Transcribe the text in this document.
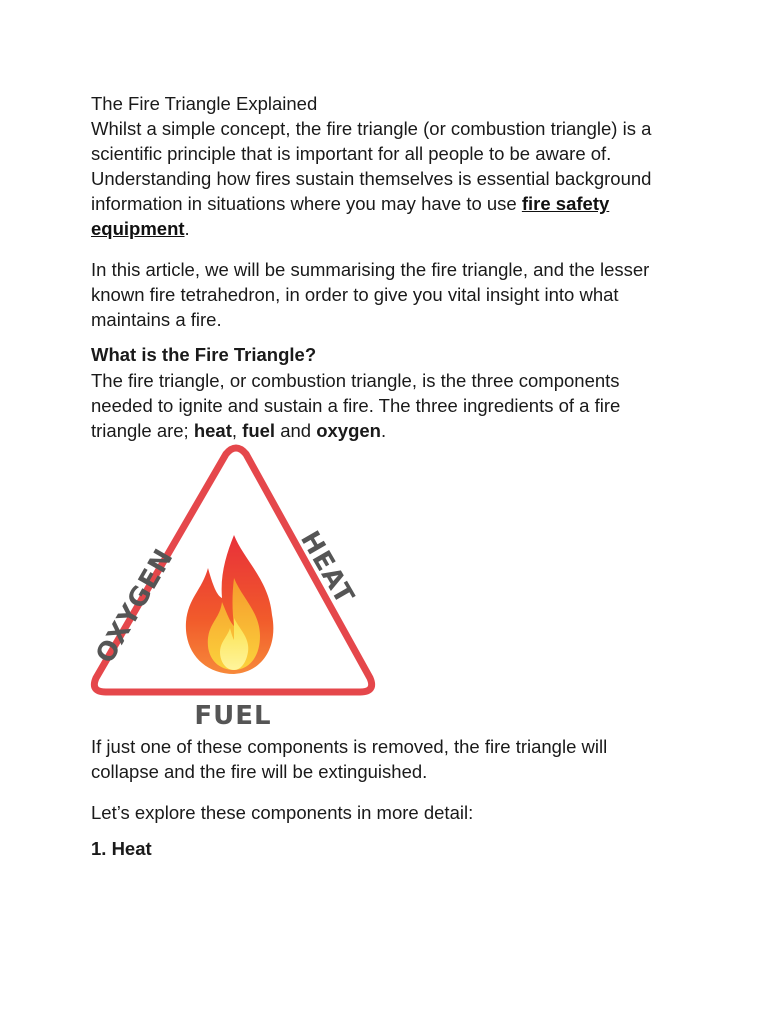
The Fire Triangle Explained
Whilst a simple concept, the fire triangle (or combustion triangle) is a
scientific principle that is important for all people to be aware of.
Understanding how fires sustain themselves is essential background
information in situations where you may have to use fire safety
equipment.
In this article, we will be summarising the fire triangle, and the lesser
known fire tetrahedron, in order to give you vital insight into what
maintains a fire.
What is the Fire Triangle?
The fire triangle, or combustion triangle, is the three components
needed to ignite and sustain a fire. The three ingredients of a fire
triangle are; heat, fuel and oxygen.
OXYGEN	HEAT
FUEL
If just one of these components is removed, the fire triangle will
collapse and the fire will be extinguished.
Let’s explore these components in more detail:
1. Heat
